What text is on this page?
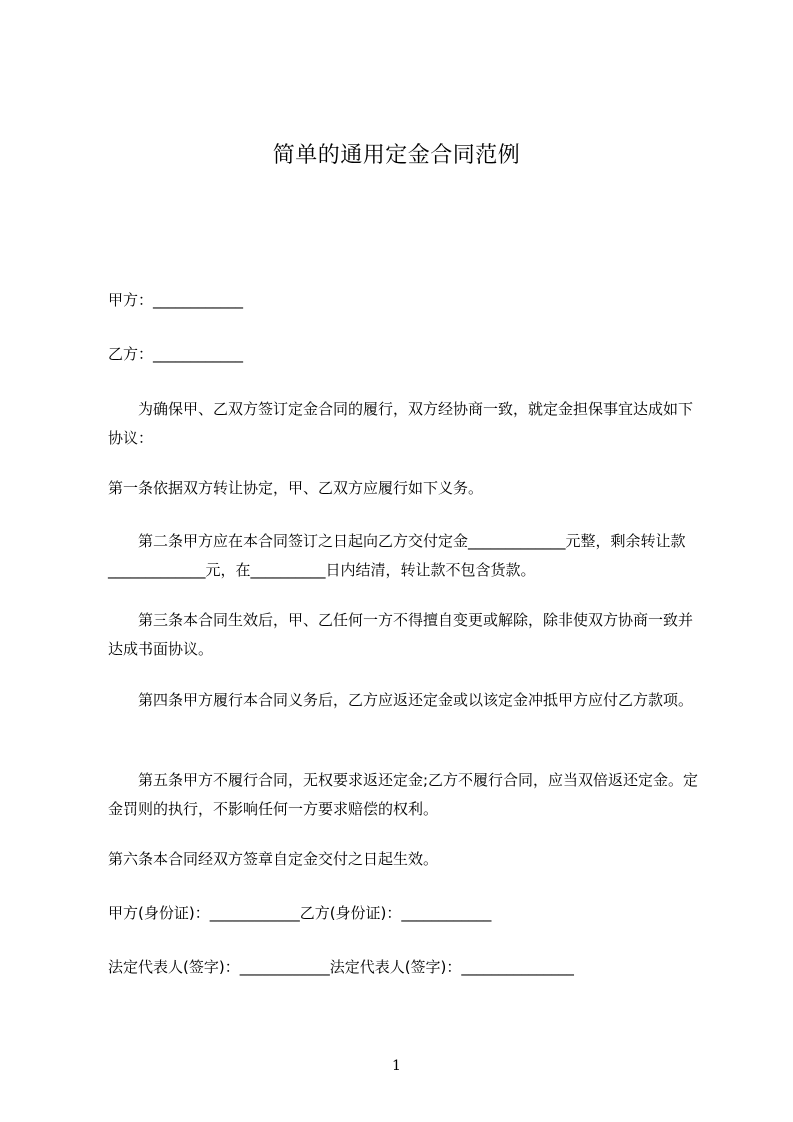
简单的通用定金合同范例

甲方：____________

乙方：____________

为确保甲、乙双方签订定金合同的履行，双方经协商一致，就定金担保事宜达成如下协议：

第一条依据双方转让协定，甲、乙双方应履行如下义务。

第二条甲方应在本合同签订之日起向乙方交付定金_____________元整，剩余转让款_____________元，在__________日内结清，转让款不包含货款。

第三条本合同生效后，甲、乙任何一方不得擅自变更或解除，除非使双方协商一致并达成书面协议。

第四条甲方履行本合同义务后，乙方应返还定金或以该定金冲抵甲方应付乙方款项。

第五条甲方不履行合同，无权要求返还定金;乙方不履行合同，应当双倍返还定金。定金罚则的执行，不影响任何一方要求赔偿的权利。

第六条本合同经双方签章自定金交付之日起生效。

甲方(身份证)：____________乙方(身份证)：____________

法定代表人(签字)：____________法定代表人(签字)：_______________

1
